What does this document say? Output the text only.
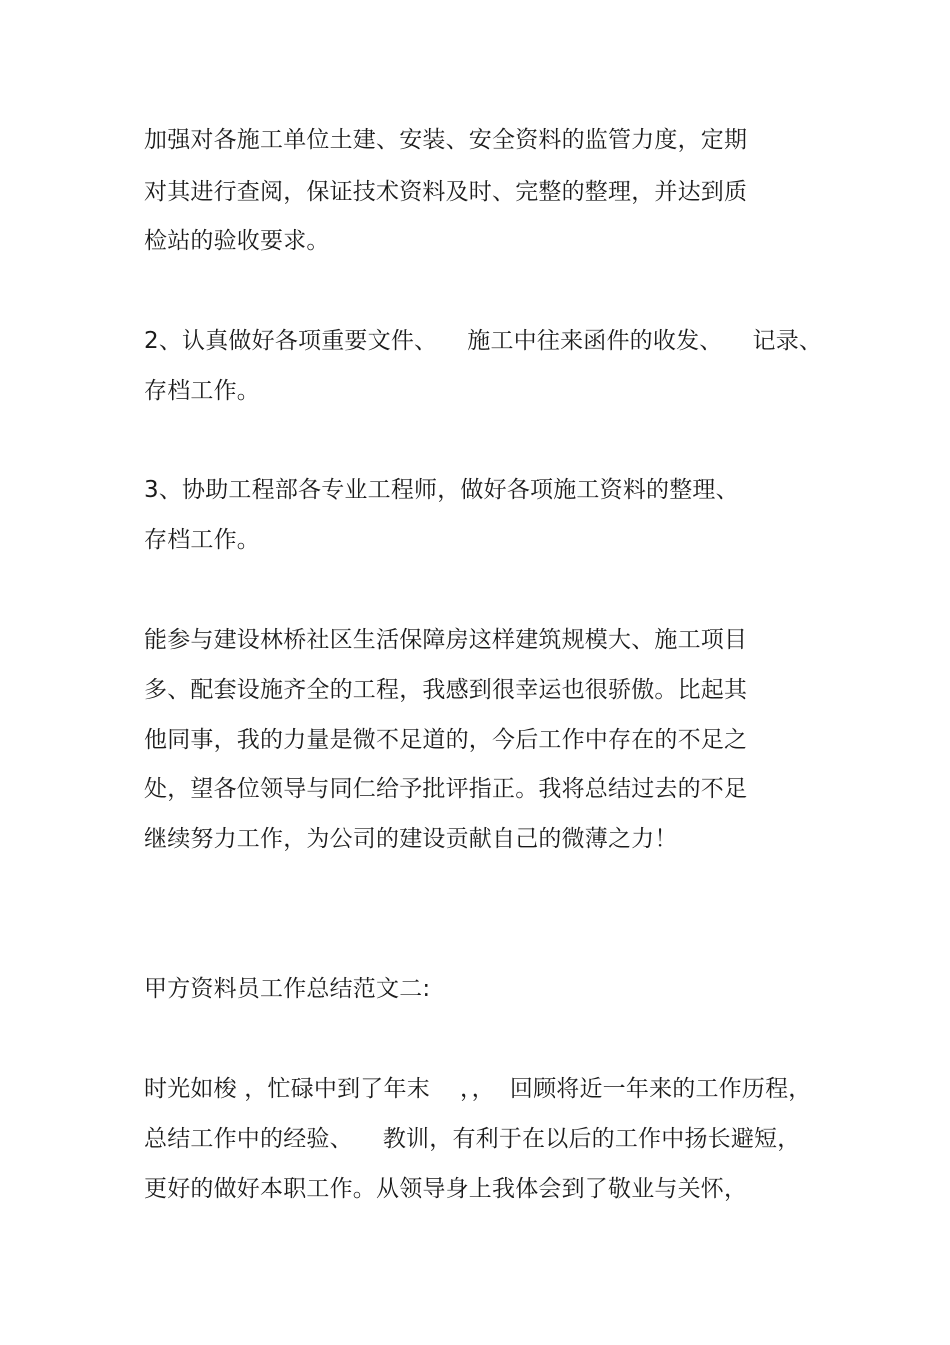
加强对各施工单位土建、安装、安全资料的监管力度，定期

对其进行查阅，保证技术资料及时、完整的整理，并达到质

检站的验收要求。

2、认真做好各项重要文件、    施工中往来函件的收发、    记录、

存档工作。

3、协助工程部各专业工程师，做好各项施工资料的整理、

存档工作。

能参与建设林桥社区生活保障房这样建筑规模大、施工项目

多、配套设施齐全的工程，我感到很幸运也很骄傲。比起其

他同事，我的力量是微不足道的，今后工作中存在的不足之

处，望各位领导与同仁给予批评指正。我将总结过去的不足

继续努力工作，为公司的建设贡献自己的微薄之力！

甲方资料员工作总结范文二:

时光如梭 ，忙碌中到了年末    ，，  回顾将近一年来的工作历程，

总结工作中的经验、    教训，有利于在以后的工作中扬长避短，

更好的做好本职工作。从领导身上我体会到了敬业与关怀，
